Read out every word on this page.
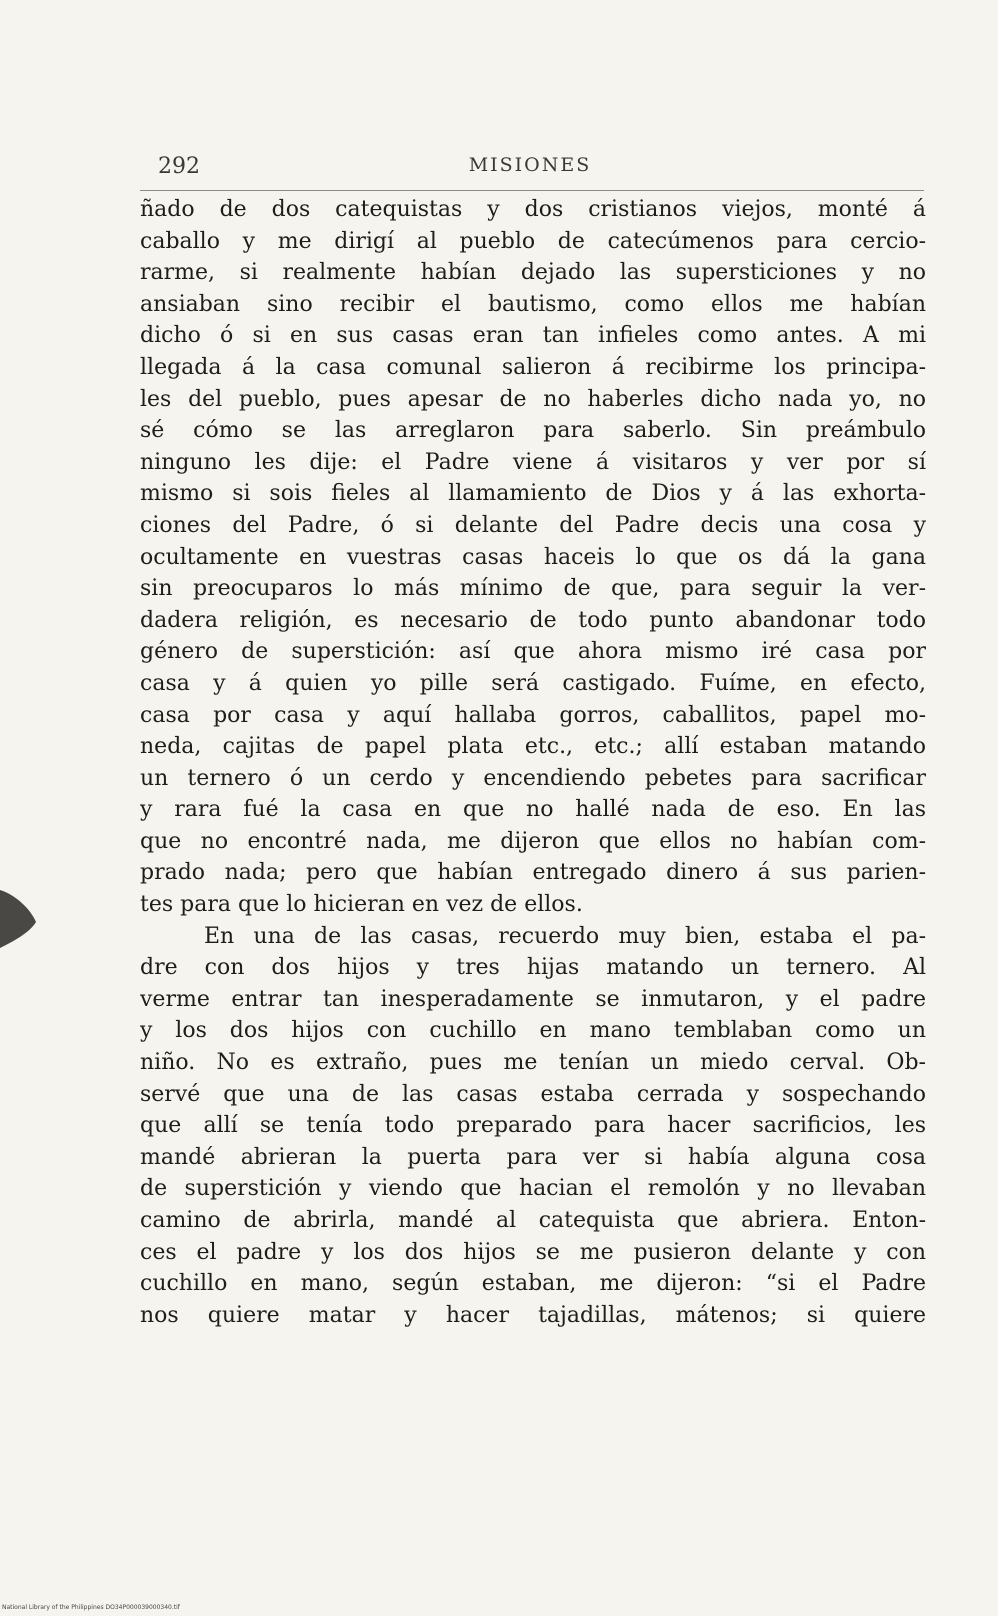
292	MISIONES
ñado de dos catequistas y dos cristianos viejos, monté á
caballo y me dirigí al pueblo de catecúmenos para cercio-
rarme, si realmente habían dejado las supersticiones y no
ansiaban sino recibir el bautismo, como ellos me habían
dicho ó si en sus casas eran tan infieles como antes. A mi
llegada á la casa comunal salieron á recibirme los principa-
les del pueblo, pues apesar de no haberles dicho nada yo, no
sé cómo se las arreglaron para saberlo. Sin preámbulo
ninguno les dije: el Padre viene á visitaros y ver por sí
mismo si sois fieles al llamamiento de Dios y á las exhorta-
ciones del Padre, ó si delante del Padre decis una cosa y
ocultamente en vuestras casas haceis lo que os dá la gana
sin preocuparos lo más mínimo de que, para seguir la ver-
dadera religión, es necesario de todo punto abandonar todo
género de superstición: así que ahora mismo iré casa por
casa y á quien yo pille será castigado. Fuíme, en efecto,
casa por casa y aquí hallaba gorros, caballitos, papel mo-
neda, cajitas de papel plata etc., etc.; allí estaban matando
un ternero ó un cerdo y encendiendo pebetes para sacrificar
y rara fué la casa en que no hallé nada de eso. En las
que no encontré nada, me dijeron que ellos no habían com-
prado nada; pero que habían entregado dinero á sus parien-
tes para que lo hicieran en vez de ellos.
En una de las casas, recuerdo muy bien, estaba el pa-
dre con dos hijos y tres hijas matando un ternero. Al
verme entrar tan inesperadamente se inmutaron, y el padre
y los dos hijos con cuchillo en mano temblaban como un
niño. No es extraño, pues me tenían un miedo cerval. Ob-
servé que una de las casas estaba cerrada y sospechando
que allí se tenía todo preparado para hacer sacrificios, les
mandé abrieran la puerta para ver si había alguna cosa
de superstición y viendo que hacian el remolón y no llevaban
camino de abrirla, mandé al catequista que abriera. Enton-
ces el padre y los dos hijos se me pusieron delante y con
cuchillo en mano, según estaban, me dijeron: “si el Padre
nos quiere matar y hacer tajadillas, mátenos; si quiere
National Library of the Philippines DO34P000039000340.tif
